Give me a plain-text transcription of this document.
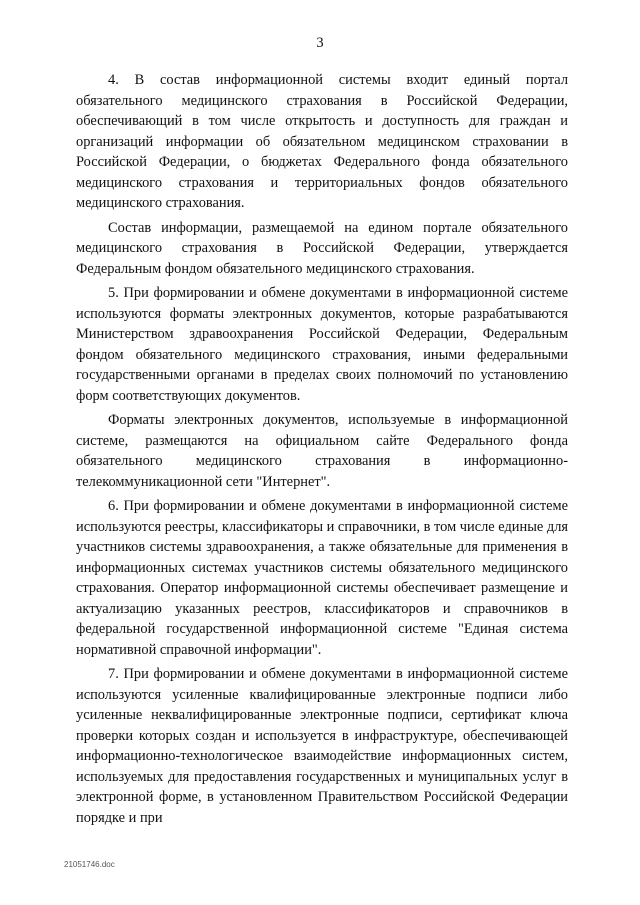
3

4. В состав информационной системы входит единый портал обязательного медицинского страхования в Российской Федерации, обеспечивающий в том числе открытость и доступность для граждан и организаций информации об обязательном медицинском страховании в Российской Федерации, о бюджетах Федерального фонда обязательного медицинского страхования и территориальных фондов обязательного медицинского страхования.

Состав информации, размещаемой на едином портале обязательного медицинского страхования в Российской Федерации, утверждается Федеральным фондом обязательного медицинского страхования.

5. При формировании и обмене документами в информационной системе используются форматы электронных документов, которые разрабатываются Министерством здравоохранения Российской Федерации, Федеральным фондом обязательного медицинского страхования, иными федеральными государственными органами в пределах своих полномочий по установлению форм соответствующих документов.

Форматы электронных документов, используемые в информационной системе, размещаются на официальном сайте Федерального фонда обязательного медицинского страхования в информационно-телекоммуникационной сети "Интернет".

6. При формировании и обмене документами в информационной системе используются реестры, классификаторы и справочники, в том числе единые для участников системы здравоохранения, а также обязательные для применения в информационных системах участников системы обязательного медицинского страхования. Оператор информационной системы обеспечивает размещение и актуализацию указанных реестров, классификаторов и справочников в федеральной государственной информационной системе "Единая система нормативной справочной информации".

7. При формировании и обмене документами в информационной системе используются усиленные квалифицированные электронные подписи либо усиленные неквалифицированные электронные подписи, сертификат ключа проверки которых создан и используется в инфраструктуре, обеспечивающей информационно-технологическое взаимодействие информационных систем, используемых для предоставления государственных и муниципальных услуг в электронной форме, в установленном Правительством Российской Федерации порядке и при

21051746.doc
